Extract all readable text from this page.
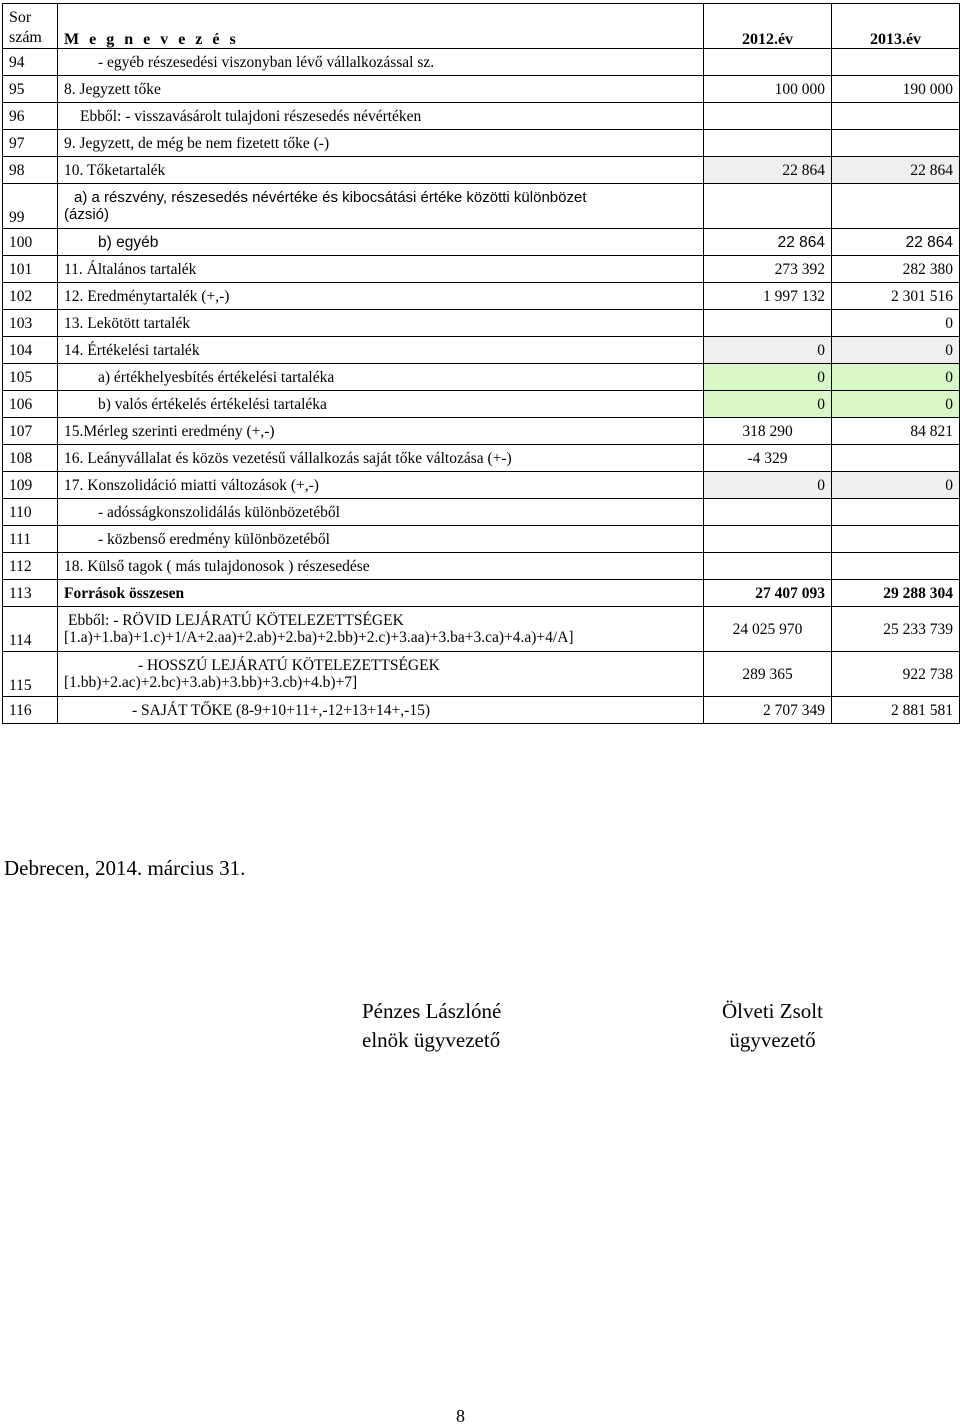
Sor
szám	M e g n e v e z é s	2012.év	2013.év
94	- egyéb részesedési viszonyban lévő vállalkozással sz.		
95	8. Jegyzett tőke	100 000	190 000
96	Ebből: - visszavásárolt tulajdoni részesedés névértéken		
97	9. Jegyzett, de még be nem fizetett tőke (-)		
98	10. Tőketartalék	22 864	22 864
99	a) a részvény, részesedés névértéke és kibocsátási értéke közötti különbözet
(ázsió)		
100	b) egyéb	22 864	22 864
101	11. Általános tartalék	273 392	282 380
102	12. Eredménytartalék (+,-)	1 997 132	2 301 516
103	13. Lekötött tartalék		0
104	14. Értékelési tartalék	0	0
105	a) értékhelyesbítés értékelési tartaléka	0	0
106	b) valós értékelés értékelési tartaléka	0	0
107	15.Mérleg szerinti eredmény (+,-)	318 290	84 821
108	16. Leányvállalat és közös vezetésű vállalkozás saját tőke változása (+-)	-4 329	
109	17. Konszolidáció miatti változások (+,-)	0	0
110	- adósságkonszolidálás különbözetéből		
111	- közbenső eredmény különbözetéből		
112	18. Külső tagok ( más tulajdonosok ) részesedése		
113	Források összesen	27 407 093	29 288 304
114	Ebből: - RÖVID LEJÁRATÚ KÖTELEZETTSÉGEK
[1.a)+1.ba)+1.c)+1/A+2.aa)+2.ab)+2.ba)+2.bb)+2.c)+3.aa)+3.ba+3.ca)+4.a)+4/A]	24 025 970	25 233 739
115	- HOSSZÚ LEJÁRATÚ KÖTELEZETTSÉGEK
[1.bb)+2.ac)+2.bc)+3.ab)+3.bb)+3.cb)+4.b)+7]	289 365	922 738
116	- SAJÁT TŐKE (8-9+10+11+,-12+13+14+,-15)	2 707 349	2 881 581
Debrecen, 2014. március 31.
Pénzes Lászlóné
elnök ügyvezető
Ölveti Zsolt
ügyvezető
8
